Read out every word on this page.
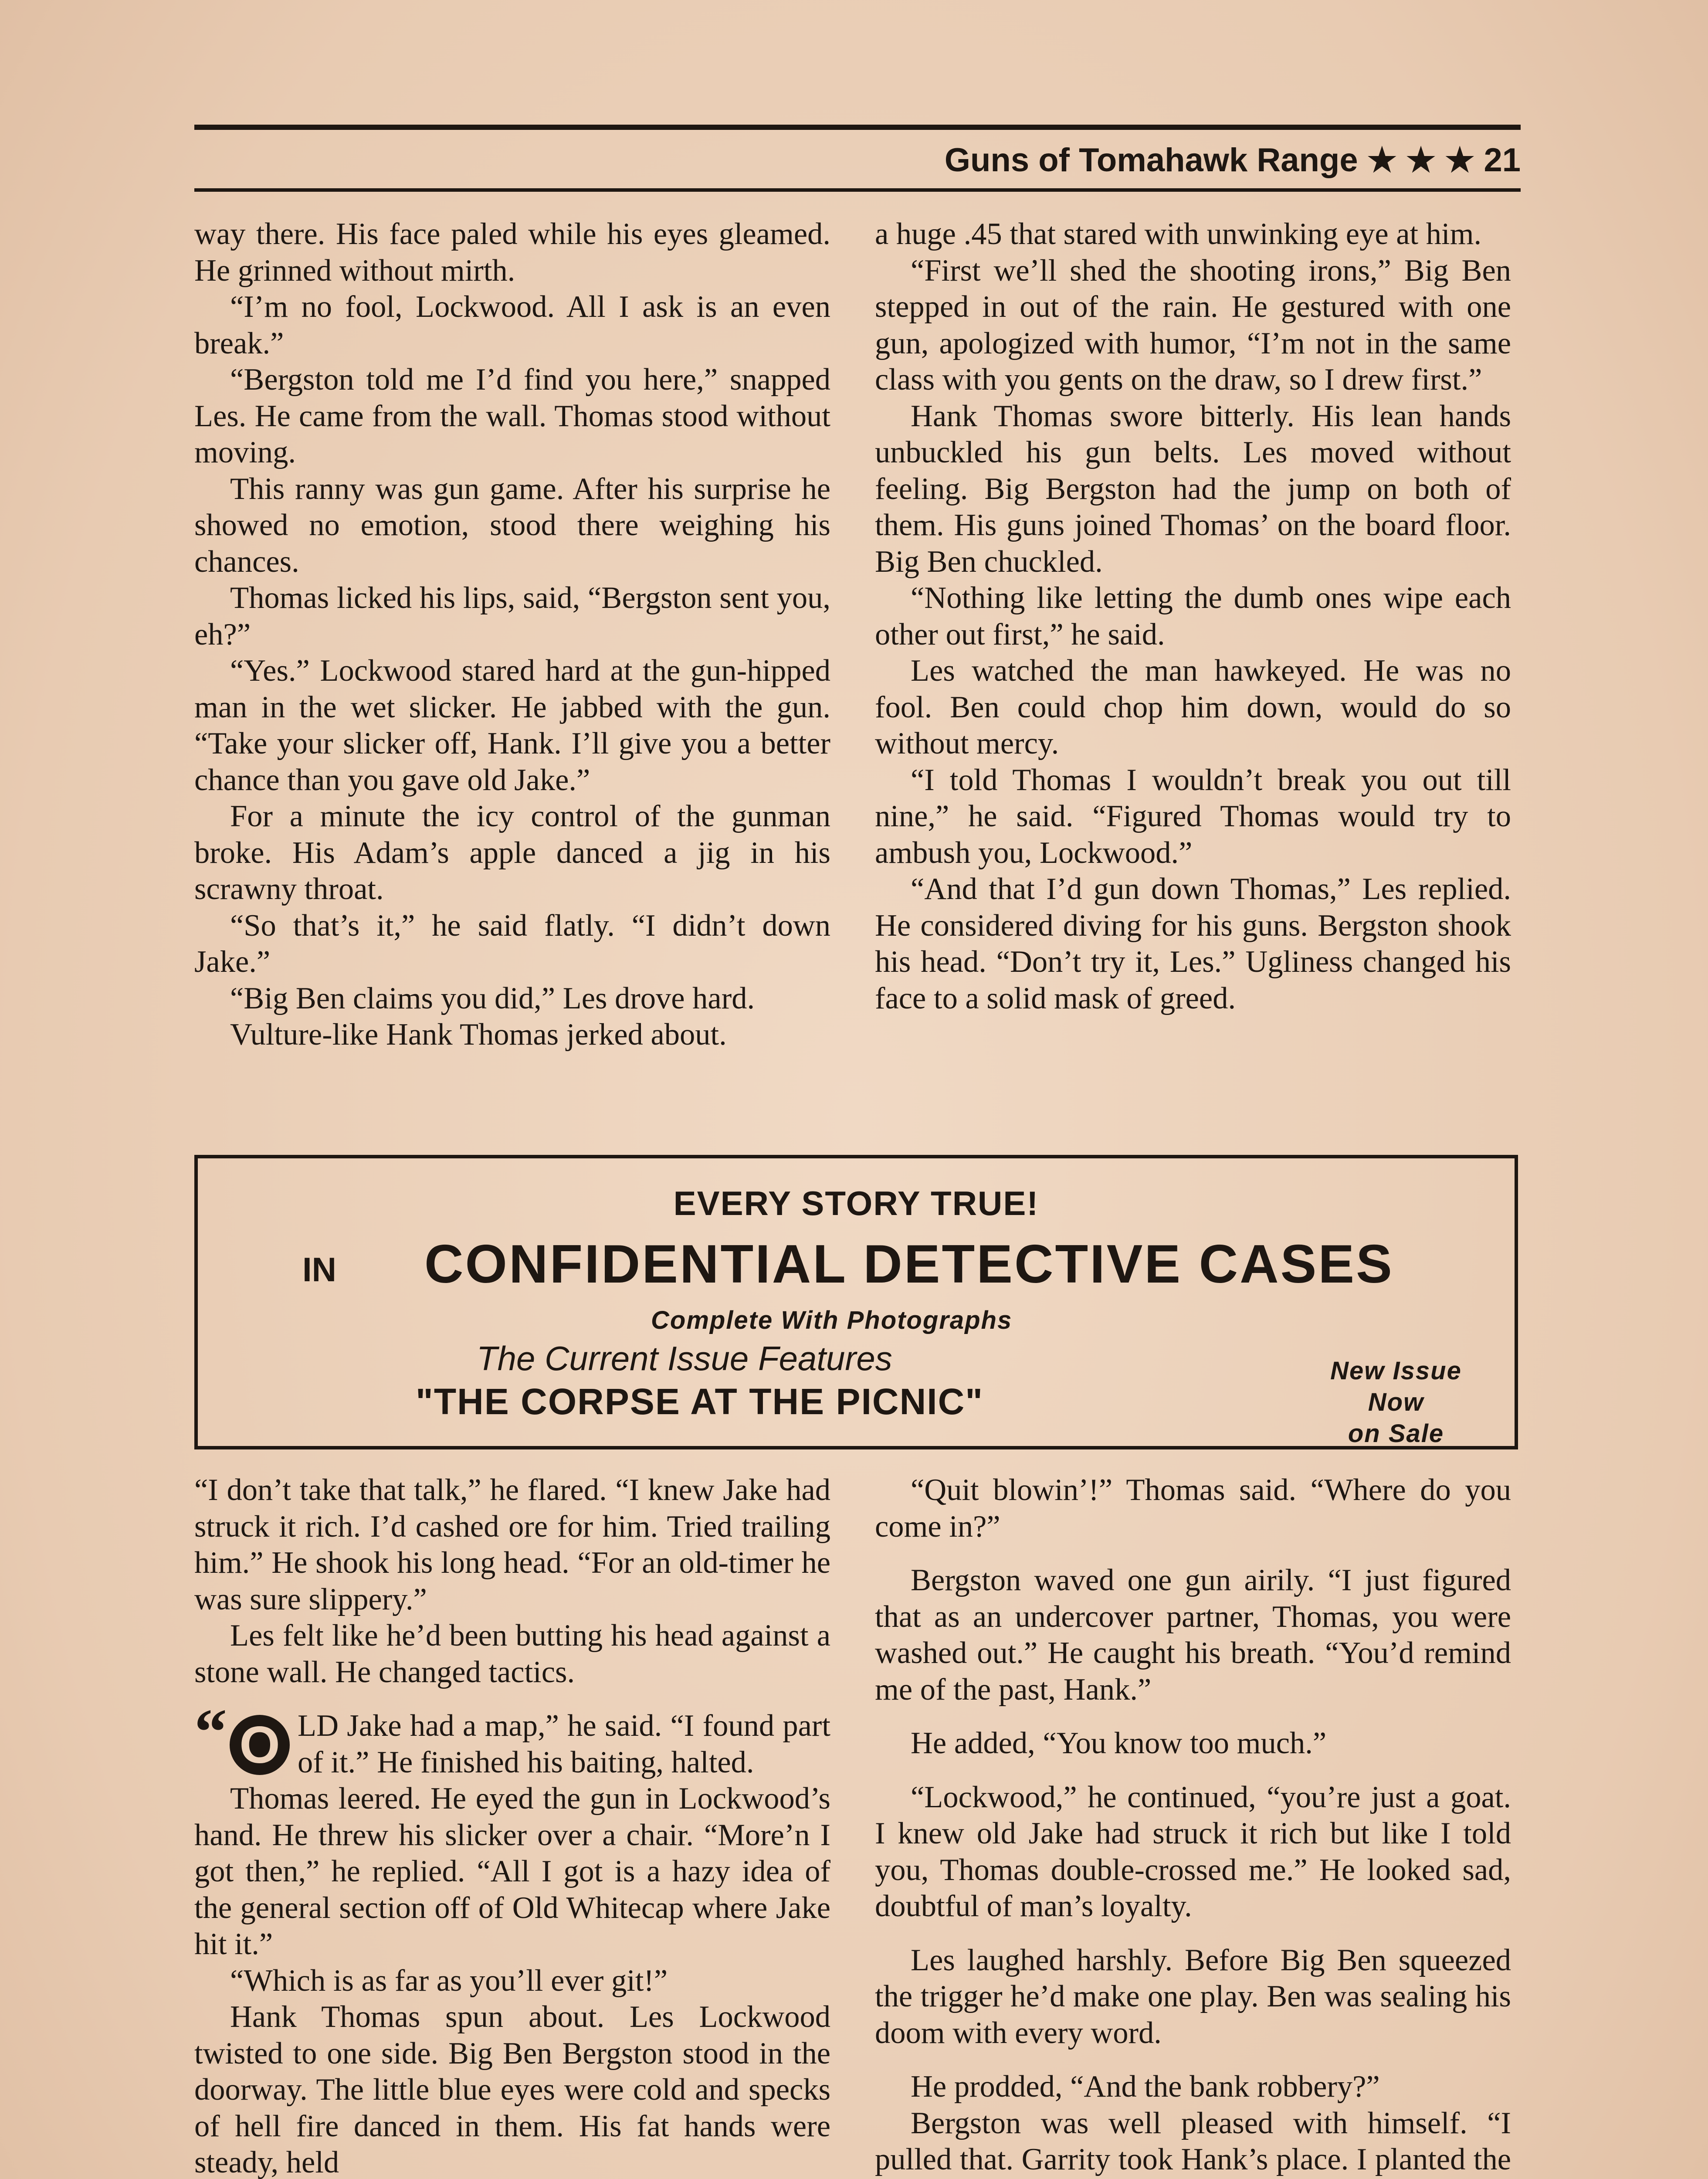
Guns of Tomahawk Range ★ ★ ★ 21

way there. His face paled while his eyes gleamed. He grinned without mirth.

“I’m no fool, Lockwood. All I ask is an even break.”

“Bergston told me I’d find you here,” snapped Les. He came from the wall. Thomas stood without moving.

This ranny was gun game. After his surprise he showed no emotion, stood there weighing his chances.

Thomas licked his lips, said, “Bergston sent you, eh?”

“Yes.” Lockwood stared hard at the gun-hipped man in the wet slicker. He jabbed with the gun. “Take your slicker off, Hank. I’ll give you a better chance than you gave old Jake.”

For a minute the icy control of the gunman broke. His Adam’s apple danced a jig in his scrawny throat.

“So that’s it,” he said flatly. “I didn’t down Jake.”

“Big Ben claims you did,” Les drove hard.

Vulture-like Hank Thomas jerked about.

a huge .45 that stared with unwinking eye at him.

“First we’ll shed the shooting irons,” Big Ben stepped in out of the rain. He gestured with one gun, apologized with humor, “I’m not in the same class with you gents on the draw, so I drew first.”

Hank Thomas swore bitterly. His lean hands unbuckled his gun belts. Les moved without feeling. Big Bergston had the jump on both of them. His guns joined Thomas’ on the board floor. Big Ben chuckled.

“Nothing like letting the dumb ones wipe each other out first,” he said.

Les watched the man hawkeyed. He was no fool. Ben could chop him down, would do so without mercy.

“I told Thomas I wouldn’t break you out till nine,” he said. “Figured Thomas would try to ambush you, Lockwood.”

“And that I’d gun down Thomas,” Les replied. He considered diving for his guns. Bergston shook his head. “Don’t try it, Les.” Ugliness changed his face to a solid mask of greed.

EVERY STORY TRUE!
IN CONFIDENTIAL DETECTIVE CASES
Complete With Photographs
The Current Issue Features
"THE CORPSE AT THE PICNIC"
New Issue Now
on Sale

“I don’t take that talk,” he flared. “I knew Jake had struck it rich. I’d cashed ore for him. Tried trailing him.” He shook his long head. “For an old-timer he was sure slippery.”

Les felt like he’d been butting his head against a stone wall. He changed tactics.

“ O LD Jake had a map,” he said. “I found part of it.” He finished his baiting, halted.

Thomas leered. He eyed the gun in Lockwood’s hand. He threw his slicker over a chair. “More’n I got then,” he replied. “All I got is a hazy idea of the general section off of Old Whitecap where Jake hit it.”

“Which is as far as you’ll ever git!”

Hank Thomas spun about. Les Lockwood twisted to one side. Big Ben Bergston stood in the doorway. The little blue eyes were cold and specks of hell fire danced in them. His fat hands were steady, held

“Quit blowin’!” Thomas said. “Where do you come in?”

Bergston waved one gun airily. “I just figured that as an undercover partner, Thomas, you were washed out.” He caught his breath. “You’d remind me of the past, Hank.”

He added, “You know too much.”

“Lockwood,” he continued, “you’re just a goat. I knew old Jake had struck it rich but like I told you, Thomas double-crossed me.” He looked sad, doubtful of man’s loyalty.

Les laughed harshly. Before Big Ben squeezed the trigger he’d make one play. Ben was sealing his doom with every word.

He prodded, “And the bank robbery?”

Bergston was well pleased with himself. “I pulled that. Garrity took Hank’s place. I planted the
